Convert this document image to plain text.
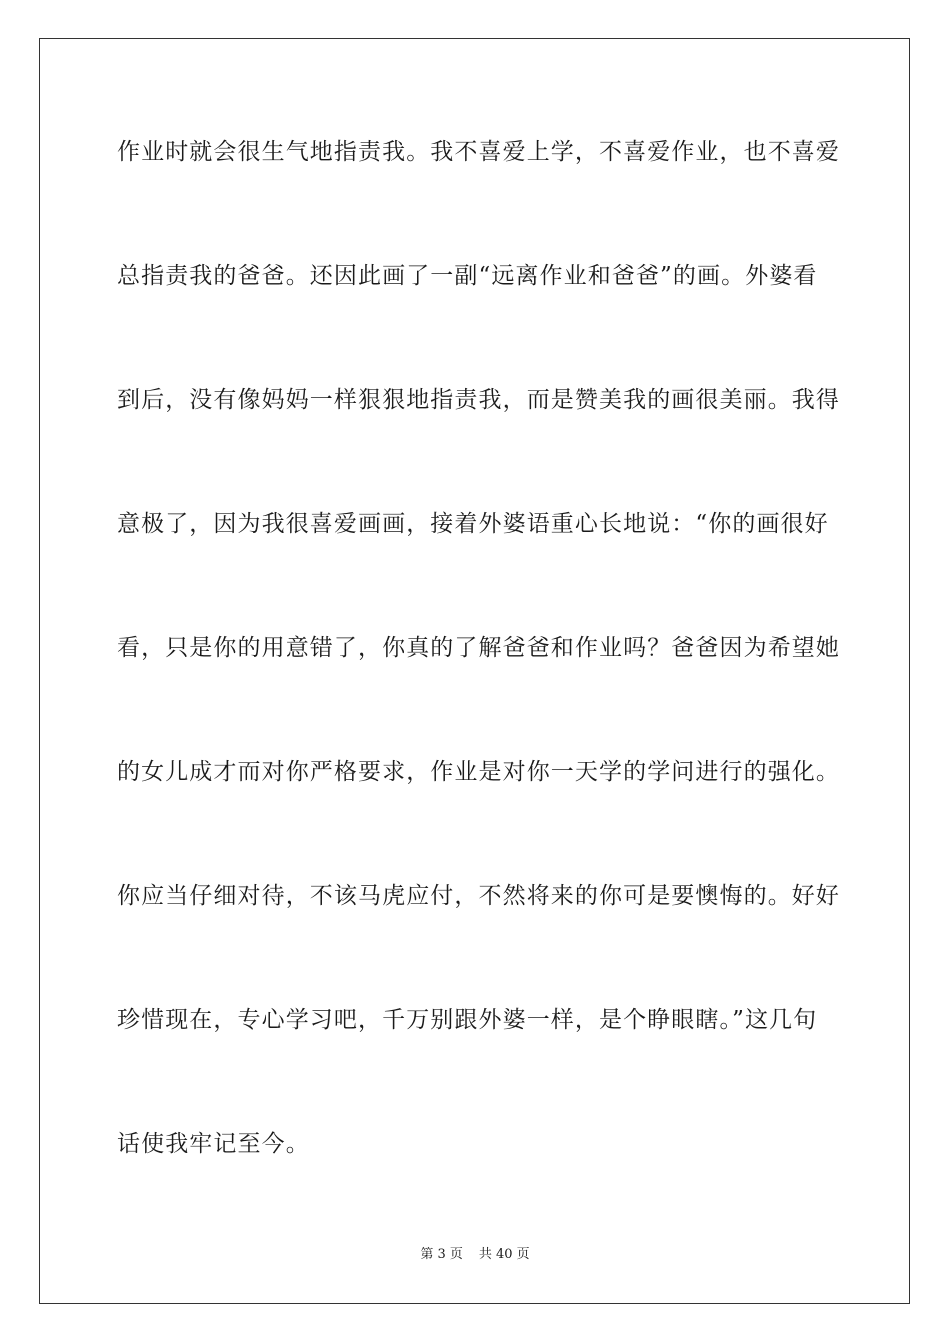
作业时就会很生气地指责我。我不喜爱上学，不喜爱作业，也不喜爱
总指责我的爸爸。还因此画了一副“远离作业和爸爸”的画。外婆看
到后，没有像妈妈一样狠狠地指责我，而是赞美我的画很美丽。我得
意极了，因为我很喜爱画画，接着外婆语重心长地说：“你的画很好
看，只是你的用意错了，你真的了解爸爸和作业吗？爸爸因为希望她
的女儿成才而对你严格要求，作业是对你一天学的学问进行的强化。
你应当仔细对待，不该马虎应付，不然将来的你可是要懊悔的。好好
珍惜现在，专心学习吧，千万别跟外婆一样，是个睁眼瞎。”这几句
话使我牢记至今。
第 3 页 共 40 页
